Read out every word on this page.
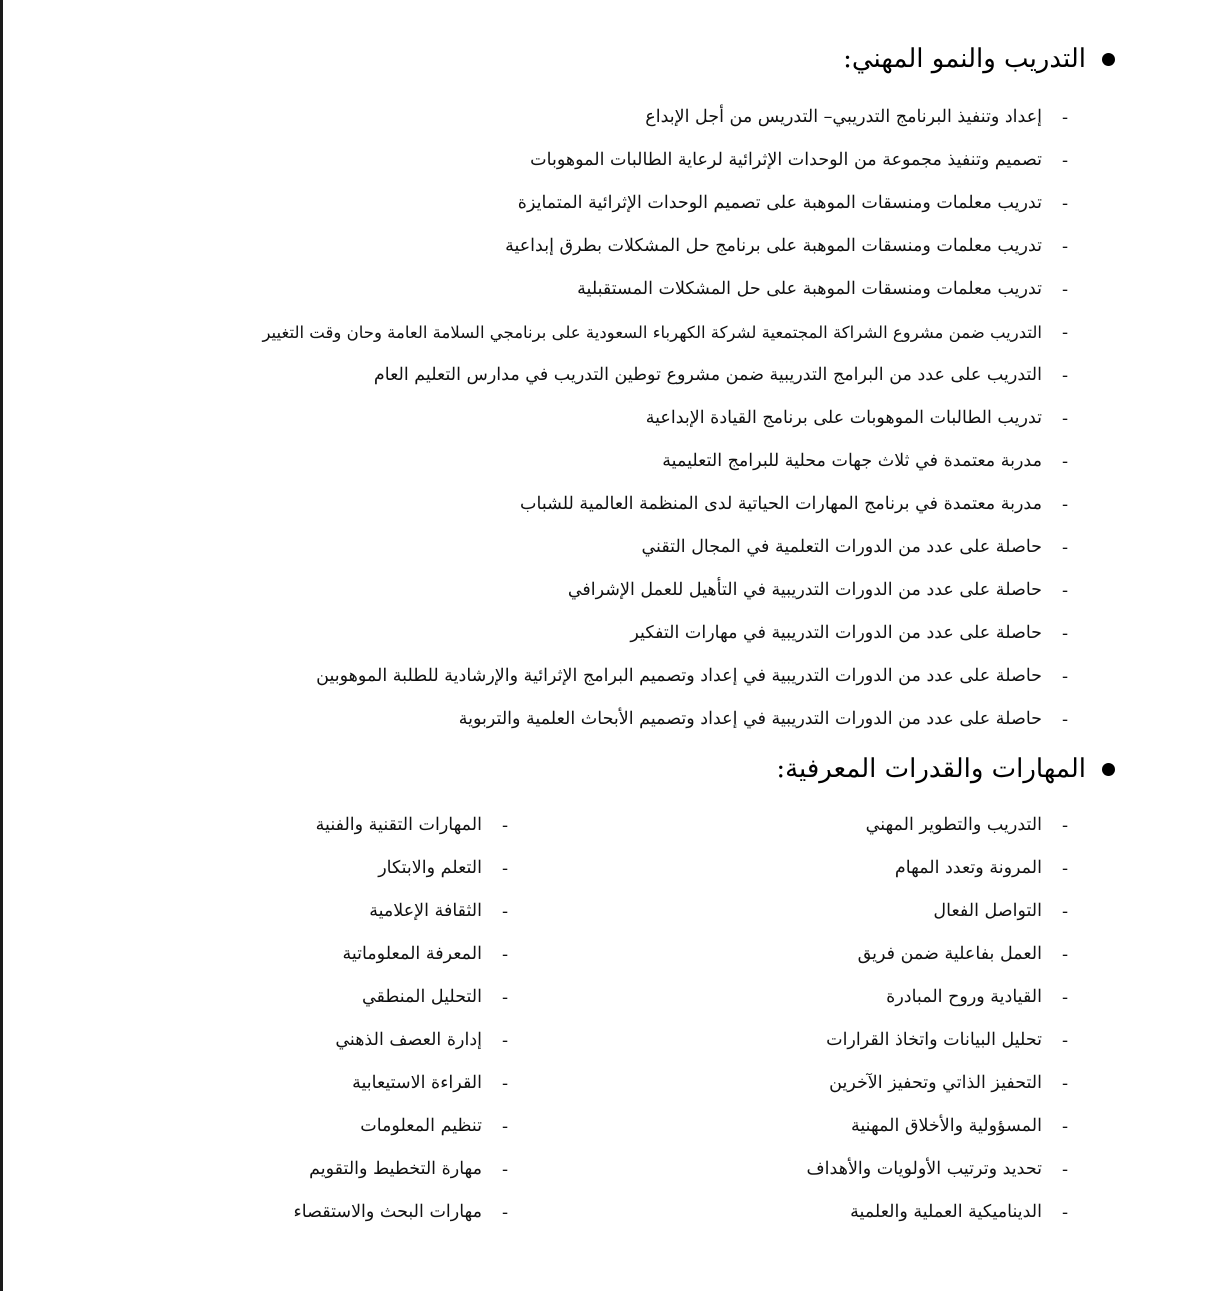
التدريب والنمو المهني:
-
إعداد وتنفيذ البرنامج التدريبي– التدريس من أجل الإبداع
-
تصميم وتنفيذ مجموعة من الوحدات الإثرائية لرعاية الطالبات الموهوبات
-
تدريب معلمات ومنسقات الموهبة على تصميم الوحدات الإثرائية المتمايزة
-
تدريب معلمات ومنسقات الموهبة على برنامج حل المشكلات بطرق إبداعية
-
تدريب معلمات ومنسقات الموهبة على حل المشكلات المستقبلية
-
التدريب ضمن مشروع الشراكة المجتمعية لشركة الكهرباء السعودية على برنامجي السلامة العامة وحان وقت التغيير
-
التدريب على عدد من البرامج التدريبية ضمن مشروع توطين التدريب في مدارس التعليم العام
-
تدريب الطالبات الموهوبات على برنامج القيادة الإبداعية
-
مدربة معتمدة في ثلاث جهات محلية للبرامج التعليمية
-
مدربة معتمدة في برنامج المهارات الحياتية لدى المنظمة العالمية للشباب
-
حاصلة على عدد من الدورات التعلمية في المجال التقني
-
حاصلة على عدد من الدورات التدريبية في التأهيل للعمل الإشرافي
-
حاصلة على عدد من الدورات التدريبية في مهارات التفكير
-
حاصلة على عدد من الدورات التدريبية في إعداد وتصميم البرامج الإثرائية والإرشادية للطلبة الموهوبين
-
حاصلة على عدد من الدورات التدريبية في إعداد وتصميم الأبحاث العلمية والتربوية
المهارات والقدرات المعرفية:
-
التدريب والتطوير المهني
-
المرونة وتعدد المهام
-
التواصل الفعال
-
العمل بفاعلية ضمن فريق
-
القيادية وروح المبادرة
-
تحليل البيانات واتخاذ القرارات
-
التحفيز الذاتي وتحفيز الآخرين
-
المسؤولية والأخلاق المهنية
-
تحديد وترتيب الأولويات والأهداف
-
الديناميكية العملية والعلمية
-
المهارات التقنية والفنية
-
التعلم والابتكار
-
الثقافة الإعلامية
-
المعرفة المعلوماتية
-
التحليل المنطقي
-
إدارة العصف الذهني
-
القراءة الاستيعابية
-
تنظيم المعلومات
-
مهارة التخطيط والتقويم
-
مهارات البحث والاستقصاء
